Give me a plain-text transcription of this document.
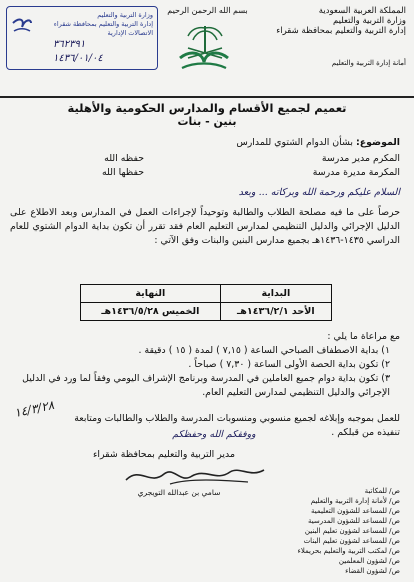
المملكة العربية السعودية
وزارة التربية والتعليم
إدارة التربية والتعليم بمحافظة شقراء
أمانة إدارة التربية والتعليم
بسم الله الرحمن الرحيم
وزارة التربية والتعليم
إدارة التربية والتعليم بمحافظة شقراء
الاتصالات الإدارية
٣٦٢٣٩١
١٤٣٦/٠١/٠٤
تعميم لجميع الأقسام والمدارس الحكومية والأهلية
بنين - بنات
الموضوع: بشأن الدوام الشتوي للمدارس
المكرم مدير مدرسة
حفظه الله
المكرمة مديرة مدرسة
حفظها الله
السلام عليكم ورحمة الله وبركاته ... وبعد
حرصاً على ما فيه مصلحة الطلاب والطالبة وتوحيداً لإجراءات العمل في المدارس وبعد الاطلاع على الدليل الإجرائي والدليل التنظيمي لمدارس التعليم العام فقد تقرر أن تكون بداية الدوام الشتوي للعام الدراسي ١٤٣٥-١٤٣٦هـ بجميع مدارس البنين والبنات وفق الآتي :
البداية	النهاية
الأحد ١٤٣٦/٢/١هـ	الخميس ١٤٣٦/٥/٢٨هـ
مع مراعاة ما يلي :
١) بداية الاصطفاف الصباحي الساعة ( ٧,١٥ ) لمدة ( ١٥ ) دقيقة .
٢) تكون بداية الحصة الأولى الساعة ( ٧,٣٠ ) صباحاً .
٣) تكون بداية دوام جميع العاملين في المدرسة وبرنامج الإشراف اليومي وفقاً لما ورد في الدليل الإجرائي والدليل التنظيمي لمدارس التعليم العام.
للعمل بموجبه وإبلاغه لجميع منسوبي ومنسوبات المدرسة والطلاب والطالبات ومتابعة تنفيذه من قبلكم .
ووفقكم الله وحفظكم
١٤/٣/٢٨
مدير التربية والتعليم بمحافظة شقراء
سامي بن عبدالله التويجري	ص/ للمكاتبة
ص/ لأمانة إدارة التربية والتعليم
ص/ للمساعد للشؤون التعليمية
ص/ للمساعد للشؤون المدرسية
ص/ للمساعد لشؤون تعليم البنين
ص/ للمساعد لشؤون تعليم البنات
ص/ لمكتب التربية والتعليم بحريملاء
ص/ لشؤون المعلمين
ص/ لشؤون القضاء
